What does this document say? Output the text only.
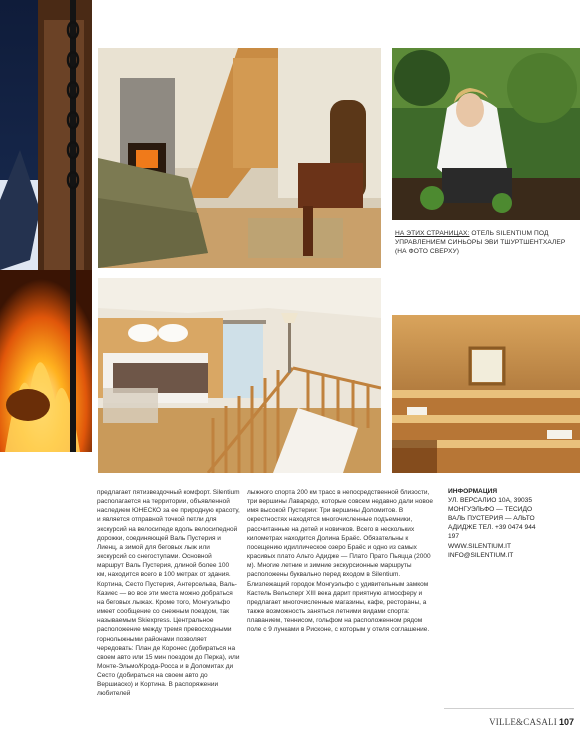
НА ЭТИХ СТРАНИЦАХ: ОТЕЛЬ SILENTIUM ПОД УПРАВЛЕНИЕМ СИНЬОРЫ ЭВИ ТШУРТШЕНТХАЛЕР (НА ФОТО СВЕРХУ)

предлагает пятизвездочный комфорт. Silentium располагается на территории, объявленной наследием ЮНЕСКО за ее природную красоту, и является отправной точкой петли для экскурсий на велосипеде вдоль велосипедной дорожки, соединяющей Валь Пустерия и Лиенц, а зимой для беговых лыж или экскурсий со снегоступами. Основной маршрут Валь Пустерия, длиной более 100 км, находится всего в 100 метрах от здания. Кортина, Сесто Пустерия, Антерсельва, Валь-Казиес — во все эти места можно добраться на беговых лыжах. Кроме того, Монгуэльфо имеет сообщение со снежным поездом, так называемым Skiexpress. Центральное расположение между тремя превосходными горнолыжными районами позволяет чередовать: План де Коронес (добираться на своем авто или 15 мин поездом до Перка), или Монте-Эльмо/Крода-Росса и в Доломитах ди Сесто (добираться на своем авто до Вершиаско) и Кортина. В распоряжении любителей

лыжного спорта 200 км трасс в непосредственной близости, три вершины Лаваредо, которые совсем недавно дали новое имя высокой Пустерии: Три вершины Доломитов. В окрестностях находятся многочисленные подъемники, рассчитанные на детей и новичков. Всего в нескольких километрах находится Долина Браёс. Обязательны к посещению идиллическое озеро Браёс и одно из самых красивых плато Альто Адидже — Плато Прато Пьяцца (2000 м). Многие летние и зимние экскурсионные маршруты расположены буквально перед входом в Silentium. Близлежащий городок Монгуэльфо с удивительным замком Кастель Вельсперг XIII века дарит приятную атмосферу и предлагает многочисленные магазины, кафе, рестораны, а также возможность заняться летними видами спорта: плаванием, теннисом, гольфом на расположенном рядом поле с 9 лунками в Рисконе, с которым у отеля соглашение.

ИНФОРМАЦИЯ
УЛ. ВЕРСАЛИО 10А, 39035
МОНГУЭЛЬФО — ТЕСИДО
ВАЛЬ ПУСТЕРИЯ — АЛЬТО
АДИДЖЕ ТЕЛ. +39 0474 944
197
WWW.SILENTIUM.IT
INFO@SILENTIUM.IT
VILLE&CASALI 107
